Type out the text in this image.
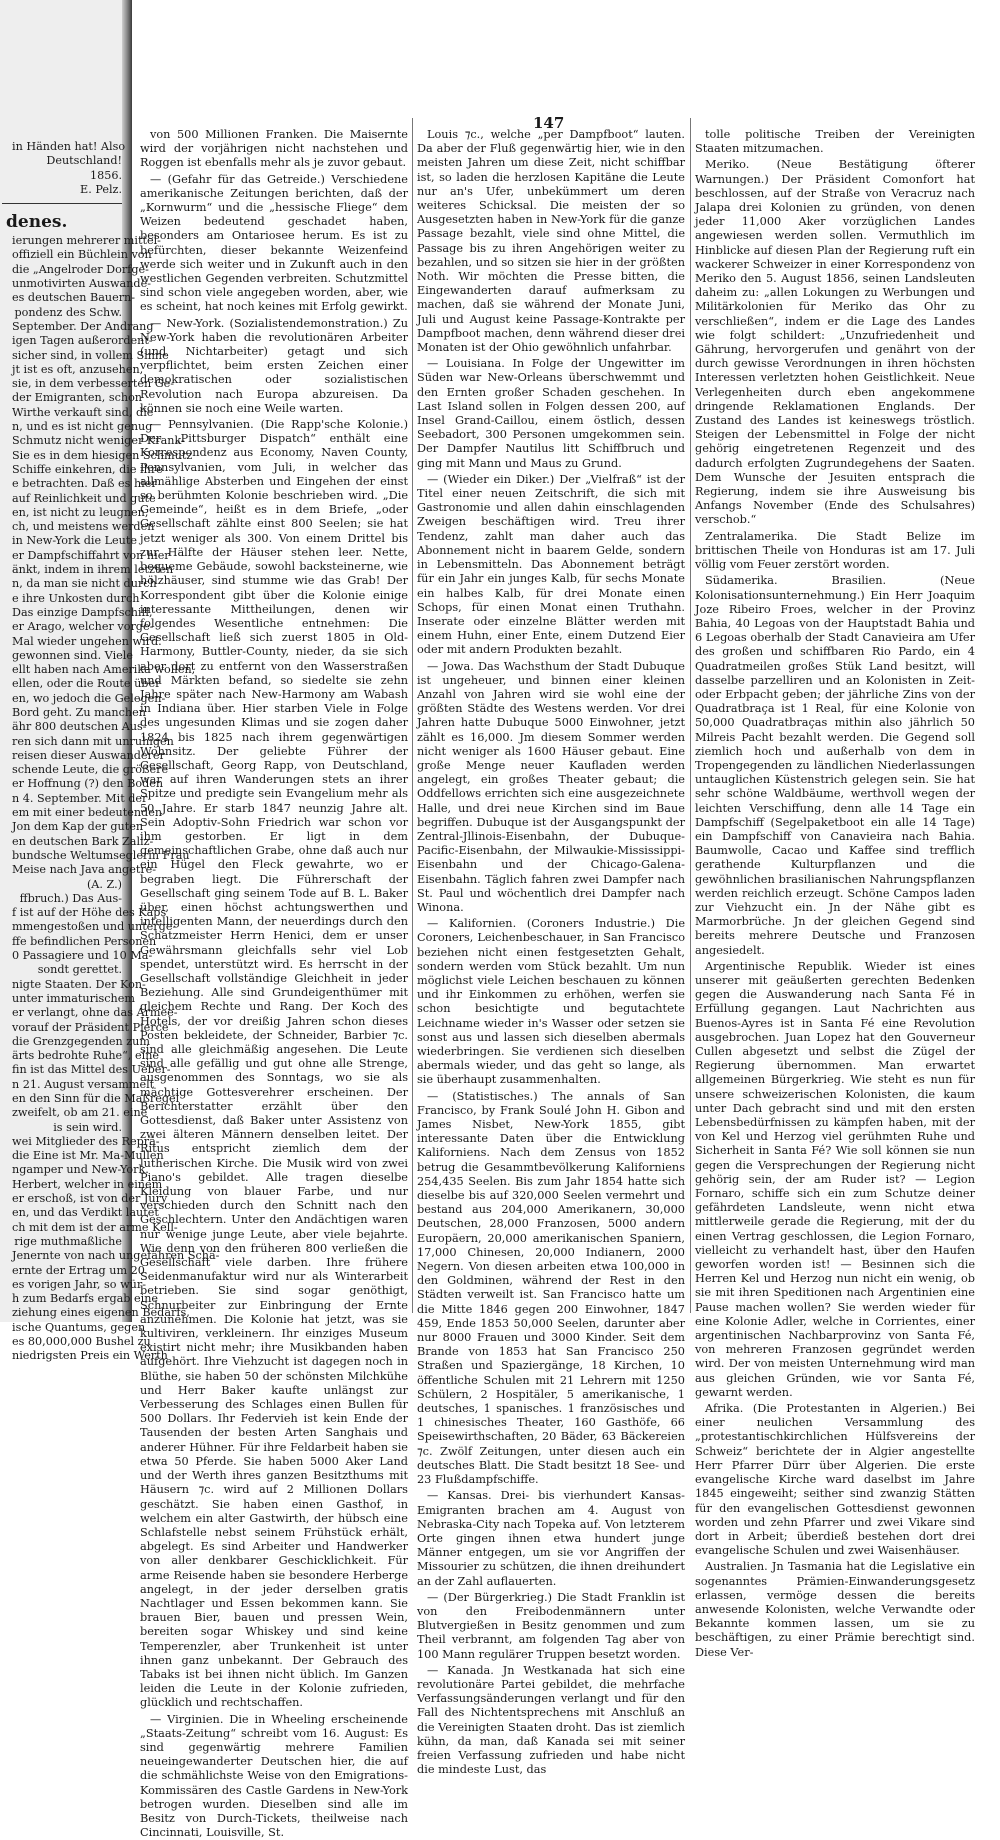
in Händen hat! Also

Deutschland!

1856.

E. Pelz.

denes.

ierungen mehrerer mittel-

offiziell ein Büchlein von

die „Angelroder Dorfge-

unmotivirten Auswande-

es deutschen Bauern-

pondenz des Schw.

September. Der Andrang

igen Tagen außerordent-

sicher sind, in vollem Sinne

jt ist es oft, anzusehen,

sie, in dem verbesserten Ge-

der Emigranten, schon

Wirthe verkauft sind, die

n, und es ist nicht genug

Schmutz nicht weniger Krank-

Sie es in dem hiesigen Schmutz

Schiffe einkehren, die ihre

e betrachten. Daß es hier

auf Reinlichkeit und gute

en, ist nicht zu leugnen,

ch, und meistens werden

in New-York die Leute

er Dampfschiffahrt von hier

änkt, indem in ihrem letzten

n, da man sie nicht durch

e ihre Unkosten durch

Das einzige Dampfschiff,

er Arago, welcher vorge-

Mal wieder ungehen wird.

gewonnen sind. Viele

ellt haben nach Amerika wollen,

ellen, oder die Route über

en, wo jedoch die Gelegen-

Bord geht. Zu manchen

ähr 800 deutschen Aus-

ren sich dann mit unruhigen

reisen dieser Auswanderer

schende Leute, die größere

er Hoffnung (?) den Boden

n 4. September. Mit der

em mit einer bedeutenden

Jon dem Kap der guten

en deutschen Bark Zaliz-

bundsche Weltumseglerin Frau

Meise nach Java angetre-

(A. Z.)

ffbruch.) Das Aus-

f ist auf der Höhe des Kaps

mmengestoßen und unterge-

ffe befindlichen Personen

0 Passagiere und 10 Ma-

sondt gerettet.

nigte Staaten. Der Kon-

unter immaturischem

er verlangt, ohne das Armee-

vorauf der Präsident Pierce

die Grenzgegenden zum

ärts bedrohte Ruhe“, eine

fin ist das Mittel des Ueber-

n 21. August versammelt

en den Sinn für die Maßregel

zweifelt, ob am 21. eine

is sein wird.

wei Mitglieder des Reprä-

die Eine ist Mr. Ma-Mullen

ngamper und New-York.

Herbert, welcher in einem

er erschoß, ist von der Jury

en, und das Verdikt lautet

ch mit dem ist der arme Kell-

rige muthmaßliche

Jenernte von nach ungefähren Schä-

ernte der Ertrag um 20

es vorigen Jahr, so wür-

h zum Bedarfs ergab eine

ziehung eines eigenen Bedarfs,

ische Quantums, gegen

es 80,000,000 Bushel zu

niedrigsten Preis ein Werth

147

von 500 Millionen Franken. Die Maisernte wird der vorjährigen nicht nachstehen und Roggen ist ebenfalls mehr als je zuvor gebaut.

— (Gefahr für das Getreide.) Verschiedene amerikanische Zeitungen berichten, daß der „Kornwurm“ und die „hessische Fliege“ dem Weizen bedeutend geschadet haben, besonders am Ontariosee herum. Es ist zu befürchten, dieser bekannte Weizenfeind werde sich weiter und in Zukunft auch in den westlichen Gegenden verbreiten. Schutzmittel sind schon viele angegeben worden, aber, wie es scheint, hat noch keines mit Erfolg gewirkt.

— New-York. (Sozialistendemonstration.) Zu New-York haben die revolutionären Arbeiter (und Nichtarbeiter) getagt und sich verpflichtet, beim ersten Zeichen einer demokratischen oder sozialistischen Revolution nach Europa abzureisen. Da können sie noch eine Weile warten.

— Pennsylvanien. (Die Rapp'sche Kolonie.) Der „Pittsburger Dispatch“ enthält eine Korrespondenz aus Economy, Naven County, Pennsylvanien, vom Juli, in welcher das allmählige Absterben und Eingehen der einst so berühmten Kolonie beschrieben wird. „Die Gemeinde“, heißt es in dem Briefe, „oder Gesellschaft zählte einst 800 Seelen; sie hat jetzt weniger als 300. Von einem Drittel bis zur Hälfte der Häuser stehen leer. Nette, bequeme Gebäude, sowohl backsteinerne, wie hölzhäuser, sind stumme wie das Grab! Der Korrespondent gibt über die Kolonie einige interessante Mittheilungen, denen wir folgendes Wesentliche entnehmen: Die Gesellschaft ließ sich zuerst 1805 in Old-Harmony, Buttler-County, nieder, da sie sich aber dort zu entfernt von den Wasserstraßen und Märkten befand, so siedelte sie zehn Jahre später nach New-Harmony am Wabash in Indiana über. Hier starben Viele in Folge des ungesunden Klimas und sie zogen daher 1824 bis 1825 nach ihrem gegenwärtigen Wohnsitz. Der geliebte Führer der Gesellschaft, Georg Rapp, von Deutschland, war auf ihren Wanderungen stets an ihrer Spitze und predigte sein Evangelium mehr als 50 Jahre. Er starb 1847 neunzig Jahre alt. Sein Adoptiv-Sohn Friedrich war schon vor ihm gestorben. Er ligt in dem gemeinschaftlichen Grabe, ohne daß auch nur ein Hügel den Fleck gewahrte, wo er begraben liegt. Die Führerschaft der Gesellschaft ging seinem Tode auf B. L. Baker über, einen höchst achtungswerthen und intelligenten Mann, der neuerdings durch den Schatzmeister Herrn Henici, dem er unser Gewährsmann gleichfalls sehr viel Lob spendet, unterstützt wird. Es herrscht in der Gesellschaft vollständige Gleichheit in jeder Beziehung. Alle sind Grundeigenthümer mit gleichem Rechte und Rang. Der Koch des Hotels, der vor dreißig Jahren schon dieses Posten bekleidete, der Schneider, Barbier ⁊c. sind alle gleichmäßig angesehen. Die Leute sind alle gefällig und gut ohne alle Strenge, ausgenommen des Sonntags, wo sie als mächtige Gottesverehrer erscheinen. Der Berichterstatter erzählt über den Gottesdienst, daß Baker unter Assistenz von zwei älteren Männern denselben leitet. Der Ritus entspricht ziemlich dem der lutherischen Kirche. Die Musik wird von zwei Piano's gebildet. Alle tragen dieselbe Kleidung von blauer Farbe, und nur verschieden durch den Schnitt nach den Geschlechtern. Unter den Andächtigen waren nur wenige junge Leute, aber viele bejahrte. Wie denn von den früheren 800 verließen die Gesellschaft viele darben. Ihre frühere Seidenmanufaktur wird nur als Winterarbeit betrieben. Sie sind sogar genöthigt, Schnurbeiter zur Einbringung der Ernte anzunehmen. Die Kolonie hat jetzt, was sie kultiviren, verkleinern. Ihr einziges Museum existirt nicht mehr; ihre Musikbanden haben aufgehört. Ihre Viehzucht ist dagegen noch in Blüthe, sie haben 50 der schönsten Milchkühe und Herr Baker kaufte unlängst zur Verbesserung des Schlages einen Bullen für 500 Dollars. Ihr Federvieh ist kein Ende der Tausenden der besten Arten Sanghais und anderer Hühner. Für ihre Feldarbeit haben sie etwa 50 Pferde. Sie haben 5000 Aker Land und der Werth ihres ganzen Besitzthums mit Häusern ⁊c. wird auf 2 Millionen Dollars geschätzt. Sie haben einen Gasthof, in welchem ein alter Gastwirth, der hübsch eine Schlafstelle nebst seinem Frühstück erhält, abgelegt. Es sind Arbeiter und Handwerker von aller denkbarer Geschicklichkeit. Für arme Reisende haben sie besondere Herberge angelegt, in der jeder derselben gratis Nachtlager und Essen bekommen kann. Sie brauen Bier, bauen und pressen Wein, bereiten sogar Whiskey und sind keine Temperenzler, aber Trunkenheit ist unter ihnen ganz unbekannt. Der Gebrauch des Tabaks ist bei ihnen nicht üblich. Im Ganzen leiden die Leute in der Kolonie zufrieden, glücklich und rechtschaffen.

— Virginien. Die in Wheeling erscheinende „Staats-Zeitung“ schreibt vom 16. August: Es sind gegenwärtig mehrere Familien neueingewanderter Deutschen hier, die auf die schmählichste Weise von den Emigrations-Kommissären des Castle Gardens in New-York betrogen wurden. Dieselben sind alle im Besitz von Durch-Tickets, theilweise nach Cincinnati, Louisville, St.

Louis ⁊c., welche „per Dampfboot“ lauten. Da aber der Fluß gegenwärtig hier, wie in den meisten Jahren um diese Zeit, nicht schiffbar ist, so laden die herzlosen Kapitäne die Leute nur an's Ufer, unbekümmert um deren weiteres Schicksal. Die meisten der so Ausgesetzten haben in New-York für die ganze Passage bezahlt, viele sind ohne Mittel, die Passage bis zu ihren Angehörigen weiter zu bezahlen, und so sitzen sie hier in der größten Noth. Wir möchten die Presse bitten, die Eingewanderten darauf aufmerksam zu machen, daß sie während der Monate Juni, Juli und August keine Passage-Kontrakte per Dampfboot machen, denn während dieser drei Monaten ist der Ohio gewöhnlich unfahrbar.

— Louisiana. In Folge der Ungewitter im Süden war New-Orleans überschwemmt und den Ernten großer Schaden geschehen. In Last Island sollen in Folgen dessen 200, auf Insel Grand-Caillou, einem östlich, dessen Seebadort, 300 Personen umgekommen sein. Der Dampfer Nautilus litt Schiffbruch und ging mit Mann und Maus zu Grund.

— (Wieder ein Diker.) Der „Vielfraß“ ist der Titel einer neuen Zeitschrift, die sich mit Gastronomie und allen dahin einschlagenden Zweigen beschäftigen wird. Treu ihrer Tendenz, zahlt man daher auch das Abonnement nicht in baarem Gelde, sondern in Lebensmitteln. Das Abonnement beträgt für ein Jahr ein junges Kalb, für sechs Monate ein halbes Kalb, für drei Monate einen Schops, für einen Monat einen Truthahn. Inserate oder einzelne Blätter werden mit einem Huhn, einer Ente, einem Dutzend Eier oder mit andern Produkten bezahlt.

— Jowa. Das Wachsthum der Stadt Dubuque ist ungeheuer, und binnen einer kleinen Anzahl von Jahren wird sie wohl eine der größten Städte des Westens werden. Vor drei Jahren hatte Dubuque 5000 Einwohner, jetzt zählt es 16,000. Jm diesem Sommer werden nicht weniger als 1600 Häuser gebaut. Eine große Menge neuer Kaufladen werden angelegt, ein großes Theater gebaut; die Oddfellows errichten sich eine ausgezeichnete Halle, und drei neue Kirchen sind im Baue begriffen. Dubuque ist der Ausgangspunkt der Zentral-Jllinois-Eisenbahn, der Dubuque-Pacific-Eisenbahn, der Milwaukie-Mississippi-Eisenbahn und der Chicago-Galena-Eisenbahn. Täglich fahren zwei Dampfer nach St. Paul und wöchentlich drei Dampfer nach Winona.

— Kalifornien. (Coroners Industrie.) Die Coroners, Leichenbeschauer, in San Francisco beziehen nicht einen festgesetzten Gehalt, sondern werden vom Stück bezahlt. Um nun möglichst viele Leichen beschauen zu können und ihr Einkommen zu erhöhen, werfen sie schon besichtigte und begutachtete Leichname wieder in's Wasser oder setzen sie sonst aus und lassen sich dieselben abermals wiederbringen. Sie verdienen sich dieselben abermals wieder, und das geht so lange, als sie überhaupt zusammenhalten.

— (Statistisches.) The annals of San Francisco, by Frank Soulé John H. Gibon and James Nisbet, New-York 1855, gibt interessante Daten über die Entwicklung Kaliforniens. Nach dem Zensus von 1852 betrug die Gesammtbevölkerung Kaliforniens 254,435 Seelen. Bis zum Jahr 1854 hatte sich dieselbe bis auf 320,000 Seelen vermehrt und bestand aus 204,000 Amerikanern, 30,000 Deutschen, 28,000 Franzosen, 5000 andern Europäern, 20,000 amerikanischen Spaniern, 17,000 Chinesen, 20,000 Indianern, 2000 Negern. Von diesen arbeiten etwa 100,000 in den Goldminen, während der Rest in den Städten verweilt ist. San Francisco hatte um die Mitte 1846 gegen 200 Einwohner, 1847 459, Ende 1853 50,000 Seelen, darunter aber nur 8000 Frauen und 3000 Kinder. Seit dem Brande von 1853 hat San Francisco 250 Straßen und Spaziergänge, 18 Kirchen, 10 öffentliche Schulen mit 21 Lehrern mit 1250 Schülern, 2 Hospitäler, 5 amerikanische, 1 deutsches, 1 spanisches. 1 französisches und 1 chinesisches Theater, 160 Gasthöfe, 66 Speisewirthschaften, 20 Bäder, 63 Bäckereien ⁊c. Zwölf Zeitungen, unter diesen auch ein deutsches Blatt. Die Stadt besitzt 18 See- und 23 Flußdampfschiffe.

— Kansas. Drei- bis vierhundert Kansas-Emigranten brachen am 4. August von Nebraska-City nach Topeka auf. Von letzterem Orte gingen ihnen etwa hundert junge Männer entgegen, um sie vor Angriffen der Missourier zu schützen, die ihnen dreihundert an der Zahl auflauerten.

— (Der Bürgerkrieg.) Die Stadt Franklin ist von den Freibodenmännern unter Blutvergießen in Besitz genommen und zum Theil verbrannt, am folgenden Tag aber von 100 Mann regulärer Truppen besetzt worden.

— Kanada. Jn Westkanada hat sich eine revolutionäre Partei gebildet, die mehrfache Verfassungsänderungen verlangt und für den Fall des Nichtentsprechens mit Anschluß an die Vereinigten Staaten droht. Das ist ziemlich kühn, da man, daß Kanada sei mit seiner freien Verfassung zufrieden und habe nicht die mindeste Lust, das

tolle politische Treiben der Vereinigten Staaten mitzumachen.

Meriko. (Neue Bestätigung öfterer Warnungen.) Der Präsident Comonfort hat beschlossen, auf der Straße von Veracruz nach Jalapa drei Kolonien zu gründen, von denen jeder 11,000 Aker vorzüglichen Landes angewiesen werden sollen. Vermuthlich im Hinblicke auf diesen Plan der Regierung ruft ein wackerer Schweizer in einer Korrespondenz von Meriko den 5. August 1856, seinen Landsleuten daheim zu: „allen Lokungen zu Werbungen und Militärkolonien für Meriko das Ohr zu verschließen“, indem er die Lage des Landes wie folgt schildert: „Unzufriedenheit und Gährung, hervorgerufen und genährt von der durch gewisse Verordnungen in ihren höchsten Interessen verletzten hohen Geistlichkeit. Neue Verlegenheiten durch eben angekommene dringende Reklamationen Englands. Der Zustand des Landes ist keineswegs tröstlich. Steigen der Lebensmittel in Folge der nicht gehörig eingetretenen Regenzeit und des dadurch erfolgten Zugrundegehens der Saaten. Dem Wunsche der Jesuiten entsprach die Regierung, indem sie ihre Ausweisung bis Anfangs November (Ende des Schulsahres) verschob.“

Zentralamerika. Die Stadt Belize im brittischen Theile von Honduras ist am 17. Juli völlig vom Feuer zerstört worden.

Südamerika. Brasilien. (Neue Kolonisationsunternehmung.) Ein Herr Joaquim Joze Ribeiro Froes, welcher in der Provinz Bahia, 40 Legoas von der Hauptstadt Bahia und 6 Legoas oberhalb der Stadt Canavieira am Ufer des großen und schiffbaren Rio Pardo, ein 4 Quadratmeilen großes Stük Land besitzt, will dasselbe parzelliren und an Kolonisten in Zeit- oder Erbpacht geben; der jährliche Zins von der Quadratbraça ist 1 Real, für eine Kolonie von 50,000 Quadratbraças mithin also jährlich 50 Milreis Pacht bezahlt werden. Die Gegend soll ziemlich hoch und außerhalb von dem in Tropengegenden zu ländlichen Niederlassungen untauglichen Küstenstrich gelegen sein. Sie hat sehr schöne Waldbäume, werthvoll wegen der leichten Verschiffung, denn alle 14 Tage ein Dampfschiff (Segelpaketboot ein alle 14 Tage) ein Dampfschiff von Canavieira nach Bahia. Baumwolle, Cacao und Kaffee sind trefflich gerathende Kulturpflanzen und die gewöhnlichen brasilianischen Nahrungspflanzen werden reichlich erzeugt. Schöne Campos laden zur Viehzucht ein. Jn der Nähe gibt es Marmorbrüche. Jn der gleichen Gegend sind bereits mehrere Deutsche und Franzosen angesiedelt.

Argentinische Republik. Wieder ist eines unserer mit geäußerten gerechten Bedenken gegen die Auswanderung nach Santa Fé in Erfüllung gegangen. Laut Nachrichten aus Buenos-Ayres ist in Santa Fé eine Revolution ausgebrochen. Juan Lopez hat den Gouverneur Cullen abgesetzt und selbst die Zügel der Regierung übernommen. Man erwartet allgemeinen Bürgerkrieg. Wie steht es nun für unsere schweizerischen Kolonisten, die kaum unter Dach gebracht sind und mit den ersten Lebensbedürfnissen zu kämpfen haben, mit der von Kel und Herzog viel gerühmten Ruhe und Sicherheit in Santa Fé? Wie soll können sie nun gegen die Versprechungen der Regierung nicht gehörig sein, der am Ruder ist? — Legion Fornaro, schiffe sich ein zum Schutze deiner gefährdeten Landsleute, wenn nicht etwa mittlerweile gerade die Regierung, mit der du einen Vertrag geschlossen, die Legion Fornaro, vielleicht zu verhandelt hast, über den Haufen geworfen worden ist! — Besinnen sich die Herren Kel und Herzog nun nicht ein wenig, ob sie mit ihren Speditionen nach Argentinien eine Pause machen wollen? Sie werden wieder für eine Kolonie Adler, welche in Corrientes, einer argentinischen Nachbarprovinz von Santa Fé, von mehreren Franzosen gegründet werden wird. Der von meisten Unternehmung wird man aus gleichen Gründen, wie vor Santa Fé, gewarnt werden.

Afrika. (Die Protestanten in Algerien.) Bei einer neulichen Versammlung des „protestantischkirchlichen Hülfsvereins der Schweiz“ berichtete der in Algier angestellte Herr Pfarrer Dürr über Algerien. Die erste evangelische Kirche ward daselbst im Jahre 1845 eingeweiht; seither sind zwanzig Stätten für den evangelischen Gottesdienst gewonnen worden und zehn Pfarrer und zwei Vikare sind dort in Arbeit; überdieß bestehen dort drei evangelische Schulen und zwei Waisenhäuser.

Australien. Jn Tasmania hat die Legislative ein sogenanntes Prämien-Einwanderungsgesetz erlassen, vermöge dessen die bereits anwesende Kolonisten, welche Verwandte oder Bekannte kommen lassen, um sie zu beschäftigen, zu einer Prämie berechtigt sind. Diese Ver-
